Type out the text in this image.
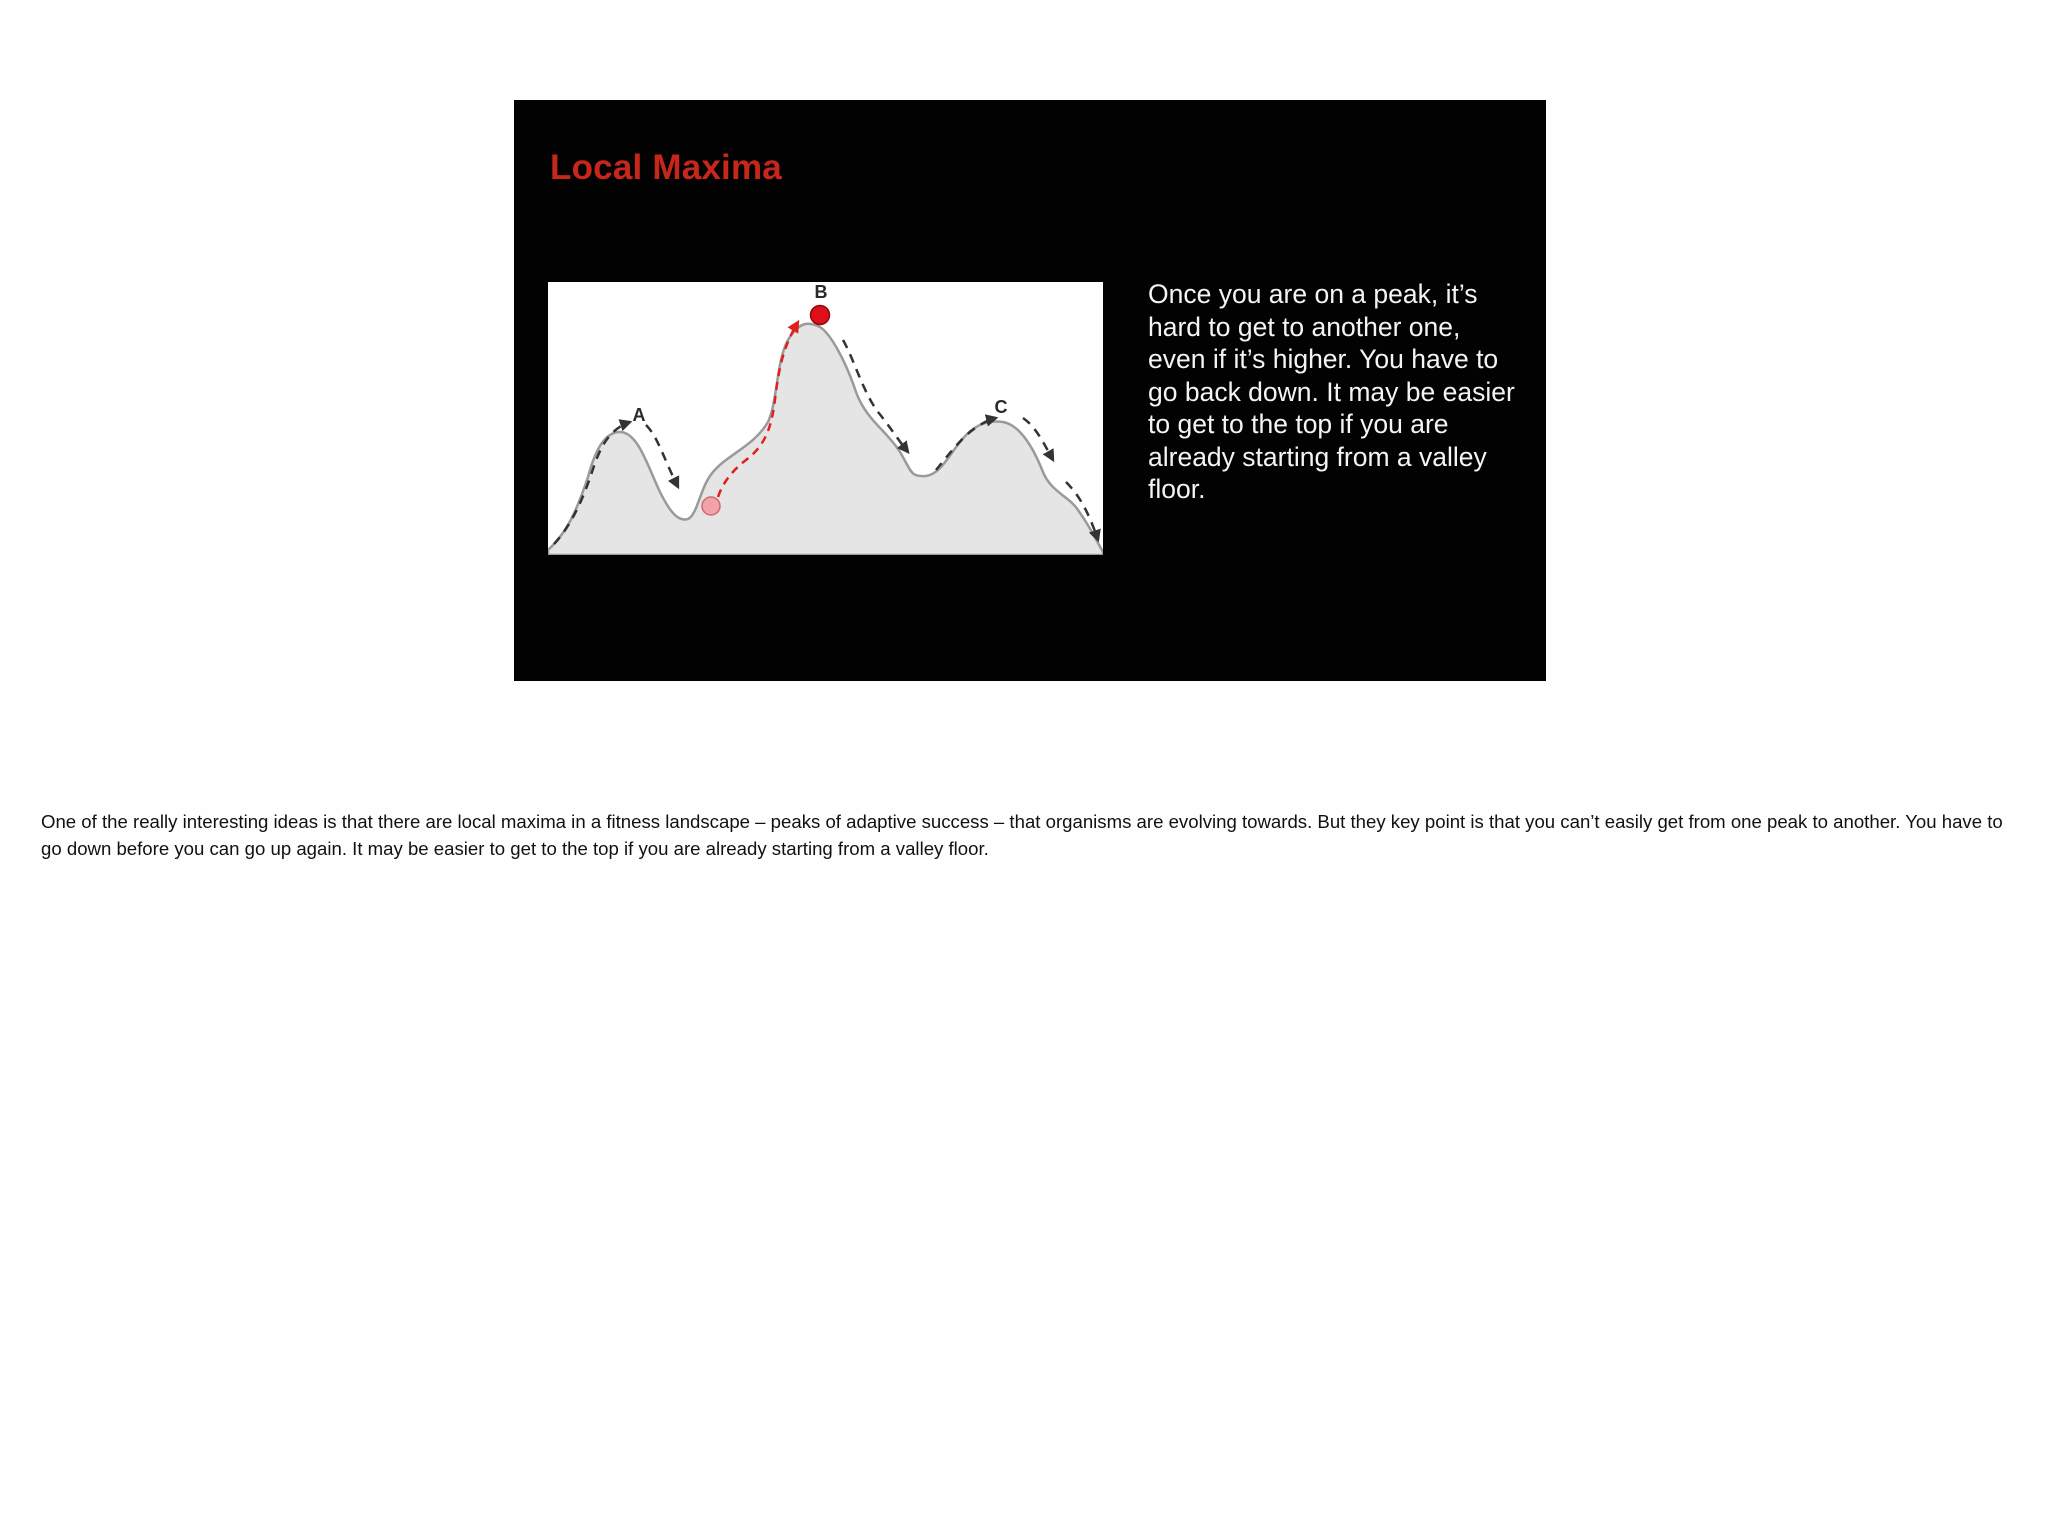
Local Maxima
A
B
C

Once you are on a peak, it’s hard to get to another one, even if it’s higher. You have to go back down. It may be easier to get to the top if you are already starting from a valley floor.

One of the really interesting ideas is that there are local maxima in a fitness landscape – peaks of adaptive success – that organisms are evolving towards. But they key point is that you can’t easily get from one peak to another. You have to go down before you can go up again. It may be easier to get to the top if you are already starting from a valley floor.
